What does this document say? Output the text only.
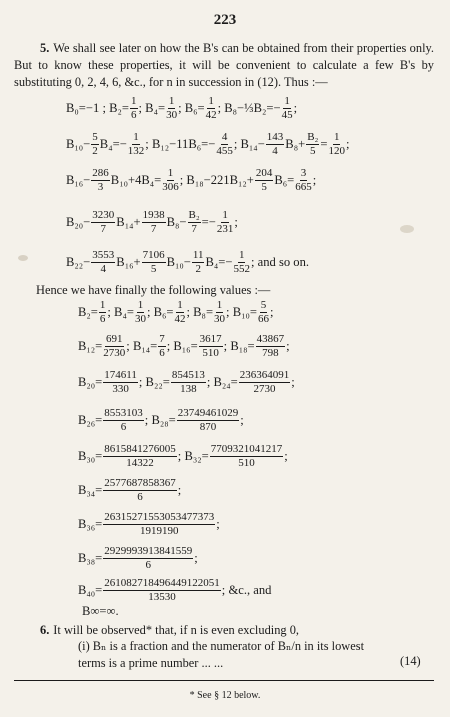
223
5. We shall see later on how the B's can be obtained from their properties only. But to know these properties, it will be convenient to calculate a few B's by substituting 0, 2, 4, 6, &c., for n in succession in (12). Thus :—
B₀=−1 ;
$B_2= \frac{1}{6}$ ; $B_4= \frac{1}{30}$ ; $B_6= \frac{1}{42}$ ; B₈−⅓B₂=− $\frac{1}{45}$ ;
$B_{10}- \frac{5}{2} B_4=- \frac{1}{132}$ ; $B_{12}-11B_6=- \frac{4}{455}$ ; $B_{14}- \frac{143}{4} B_8+ \frac{\text{B₂}}{5} = \frac{1}{120}$ ;
$B_{16}- \frac{286}{3} B_{10}+4B_4= \frac{1}{306}$ ; $B_{18}-221B_{12}+ \frac{204}{5} B_6= \frac{3}{665}$ ;
$B_{20}- \frac{3230}{7} B_{14}+ \frac{1938}{7} B_8- \frac{\text{B₂}}{7} =- \frac{1}{231}$ ;
$B_{22}- \frac{3553}{4} B_{16}+ \frac{7106}{5} B_{10}- \frac{11}{2} B_4=- \frac{1}{552}$ ; and so on.
Hence we have finally the following values :—
$B_2= \frac{1}{6}$ ; $B_4= \frac{1}{30}$ ; $B_6= \frac{1}{42}$ ; $B_8= \frac{1}{30}$ ; $B_{10}= \frac{5}{66}$ ;
$B_{12}= \frac{691}{2730}$ ; $B_{14}= \frac{7}{6}$ ; $B_{16}= \frac{3617}{510}$ ; $B_{18}= \frac{43867}{798}$ ;
$B_{20}= \frac{174611}{330}$ ; $B_{22}= \frac{854513}{138}$ ; $B_{24}= \frac{236364091}{2730}$ ;
$B_{26}= \frac{8553103}{6}$ ; $B_{28}= \frac{23749461029}{870}$ ;
$B_{30}= \frac{8615841276005}{14322}$ ; $B_{32}= \frac{7709321041217}{510}$ ;
$B_{34}= \frac{2577687858367}{6}$ ;
$B_{36}= \frac{26315271553053477373}{1919190}$ ;
$B_{38}= \frac{2929993913841559}{6}$ ;
$B_{40}= \frac{261082718496449122051}{13530}$ ; &c., and
B∞=∞.
6. It will be observed* that, if n is even excluding 0,
(i) Bₙ is a fraction and the numerator of Bₙ/n in its lowest terms is a prime number ... ...	(14)
* See § 12 below.
